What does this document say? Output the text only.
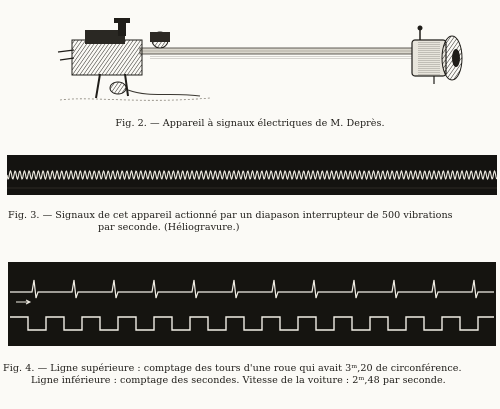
Fig. 2. — Appareil à signaux électriques de M. Deprès.
Fig. 3. — Signaux de cet appareil actionné par un diapason interrupteur de 500 vibrations
par seconde. (Héliogravure.)
Fig. 4. — Ligne supérieure : comptage des tours d'une roue qui avait 3ᵐ,20 de circonférence.
Ligne inférieure : comptage des secondes. Vitesse de la voiture : 2ᵐ,48 par seconde.
